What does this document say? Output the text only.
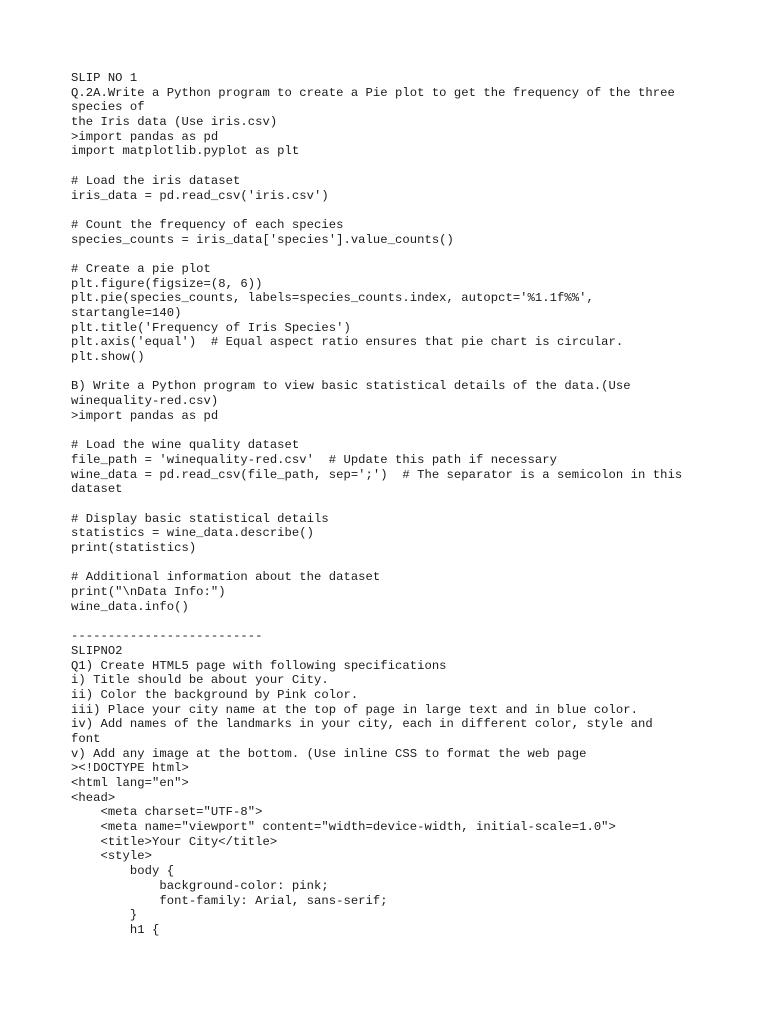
SLIP NO 1
Q.2A.Write a Python program to create a Pie plot to get the frequency of the three
species of
the Iris data (Use iris.csv)
>import pandas as pd
import matplotlib.pyplot as plt
# Load the iris dataset
iris_data = pd.read_csv('iris.csv')
# Count the frequency of each species
species_counts = iris_data['species'].value_counts()
# Create a pie plot
plt.figure(figsize=(8, 6))
plt.pie(species_counts, labels=species_counts.index, autopct='%1.1f%%',
startangle=140)
plt.title('Frequency of Iris Species')
plt.axis('equal')  # Equal aspect ratio ensures that pie chart is circular.
plt.show()
B) Write a Python program to view basic statistical details of the data.(Use
winequality-red.csv)
>import pandas as pd
# Load the wine quality dataset
file_path = 'winequality-red.csv'  # Update this path if necessary
wine_data = pd.read_csv(file_path, sep=';')  # The separator is a semicolon in this
dataset
# Display basic statistical details
statistics = wine_data.describe()
print(statistics)
# Additional information about the dataset
print("\nData Info:")
wine_data.info()
--------------------------
SLIPNO2
Q1) Create HTML5 page with following specifications
i) Title should be about your City.
ii) Color the background by Pink color.
iii) Place your city name at the top of page in large text and in blue color.
iv) Add names of the landmarks in your city, each in different color, style and
font
v) Add any image at the bottom. (Use inline CSS to format the web page
><!DOCTYPE html>
<html lang="en">
<head>
<meta charset="UTF-8">
<meta name="viewport" content="width=device-width, initial-scale=1.0">
<title>Your City</title>
<style>
body {
background-color: pink;
font-family: Arial, sans-serif;
}
h1 {
